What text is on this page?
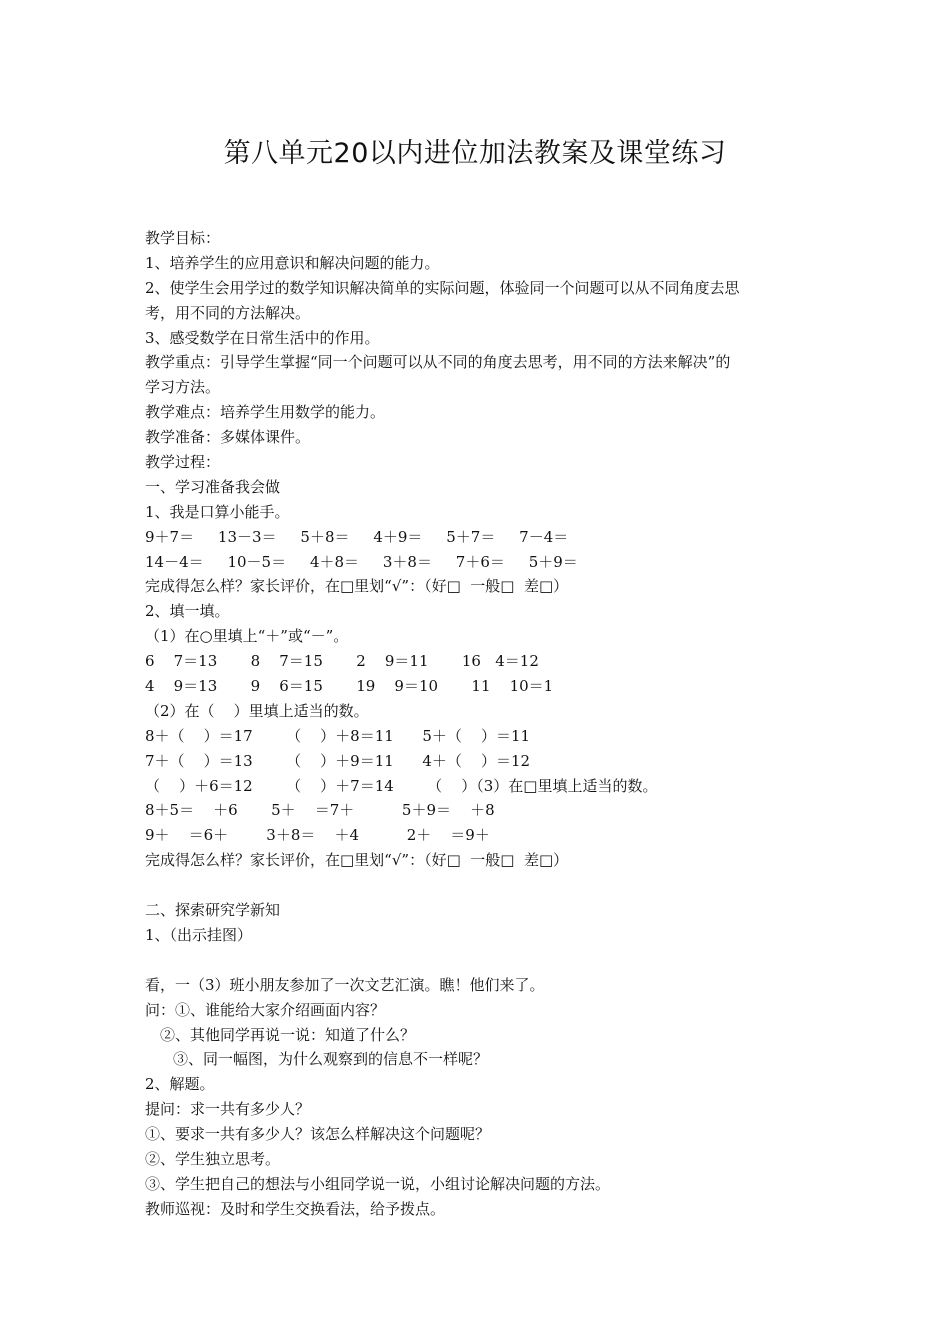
第八单元20以内进位加法教案及课堂练习
教学目标：
1、培养学生的应用意识和解决问题的能力。
2、使学生会用学过的数学知识解决简单的实际问题，体验同一个问题可以从不同角度去思
考，用不同的方法解决。
3、感受数学在日常生活中的作用。
教学重点：引导学生掌握“同一个问题可以从不同的角度去思考，用不同的方法来解决”的
学习方法。
教学难点：培养学生用数学的能力。
教学准备：多媒体课件。
教学过程：
一、学习准备我会做
1、我是口算小能手。
9＋7＝     13－3＝     5＋8＝     4＋9＝     5＋7＝     7－4＝
14－4＝     10－5＝     4＋8＝     3＋8＝     7＋6＝     5＋9＝
完成得怎么样？家长评价，在□里划“√”：（好□  一般□  差□）
2、填一填。
（1）在○里填上“＋”或“－”。
6    7＝13       8    7＝15       2    9＝11       16   4＝12
4    9＝13       9    6＝15       19    9＝10       11    10＝1
（2）在（    ）里填上适当的数。
8＋（    ）＝17       （    ）＋8＝11      5＋（    ）＝11
7＋（    ）＝13       （    ）＋9＝11      4＋（    ）＝12
（    ）＋6＝12       （    ）＋7＝14       （    ）（3）在□里填上适当的数。
8＋5＝    ＋6       5＋    ＝7＋          5＋9＝    ＋8
9＋    ＝6＋        3＋8＝    ＋4          2＋    ＝9＋
完成得怎么样？家长评价，在□里划“√”：（好□  一般□  差□）
二、探索研究学新知
1、（出示挂图）
看，一（3）班小朋友参加了一次文艺汇演。瞧！他们来了。
问：①、谁能给大家介绍画面内容？
②、其他同学再说一说：知道了什么？
③、同一幅图，为什么观察到的信息不一样呢？
2、解题。
提问：求一共有多少人？
①、要求一共有多少人？该怎么样解决这个问题呢？
②、学生独立思考。
③、学生把自己的想法与小组同学说一说，小组讨论解决问题的方法。
教师巡视：及时和学生交换看法，给予拨点。
